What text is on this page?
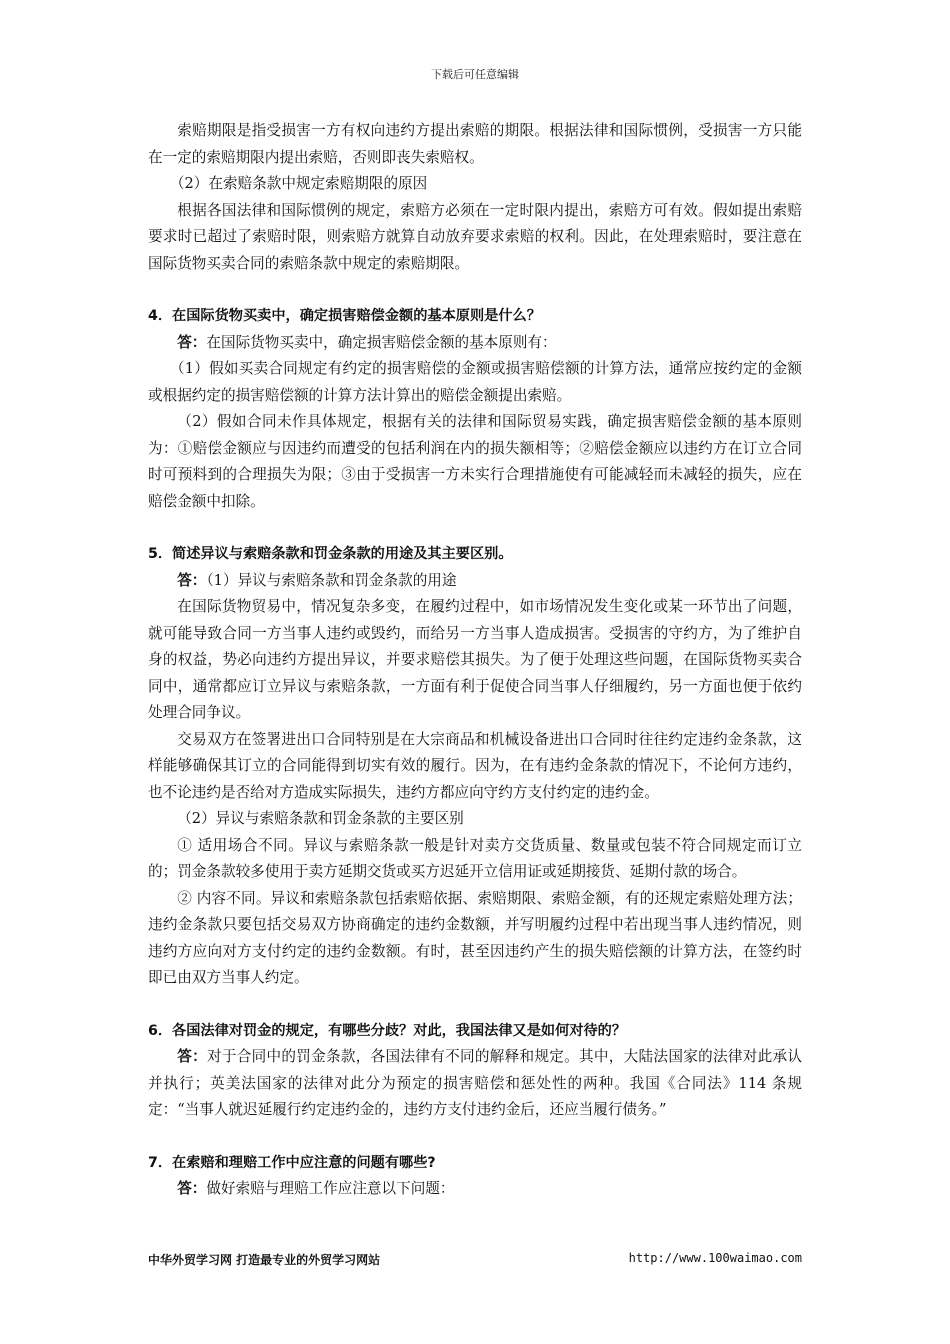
下载后可任意编辑

索赔期限是指受损害一方有权向违约方提出索赔的期限。根据法律和国际惯例，受损害一方只能在一定的索赔期限内提出索赔，否则即丧失索赔权。

（2）在索赔条款中规定索赔期限的原因

根据各国法律和国际惯例的规定，索赔方必须在一定时限内提出，索赔方可有效。假如提出索赔要求时已超过了索赔时限，则索赔方就算自动放弃要求索赔的权利。因此，在处理索赔时，要注意在国际货物买卖合同的索赔条款中规定的索赔期限。

4．在国际货物买卖中，确定损害赔偿金额的基本原则是什么？

答：在国际货物买卖中，确定损害赔偿金额的基本原则有：

（1）假如买卖合同规定有约定的损害赔偿的金额或损害赔偿额的计算方法，通常应按约定的金额或根据约定的损害赔偿额的计算方法计算出的赔偿金额提出索赔。

（2）假如合同未作具体规定，根据有关的法律和国际贸易实践，确定损害赔偿金额的基本原则为：①赔偿金额应与因违约而遭受的包括利润在内的损失额相等；②赔偿金额应以违约方在订立合同时可预料到的合理损失为限；③由于受损害一方未实行合理措施使有可能减轻而未减轻的损失，应在赔偿金额中扣除。

5．简述异议与索赔条款和罚金条款的用途及其主要区别。

答：（1）异议与索赔条款和罚金条款的用途

在国际货物贸易中，情况复杂多变，在履约过程中，如市场情况发生变化或某一环节出了问题，就可能导致合同一方当事人违约或毁约，而给另一方当事人造成损害。受损害的守约方，为了维护自身的权益，势必向违约方提出异议，并要求赔偿其损失。为了便于处理这些问题，在国际货物买卖合同中，通常都应订立异议与索赔条款，一方面有利于促使合同当事人仔细履约，另一方面也便于依约处理合同争议。

交易双方在签署进出口合同特别是在大宗商品和机械设备进出口合同时往往约定违约金条款，这样能够确保其订立的合同能得到切实有效的履行。因为，在有违约金条款的情况下，不论何方违约，也不论违约是否给对方造成实际损失，违约方都应向守约方支付约定的违约金。

（2）异议与索赔条款和罚金条款的主要区别

① 适用场合不同。异议与索赔条款一般是针对卖方交货质量、数量或包装不符合同规定而订立的；罚金条款较多使用于卖方延期交货或买方迟延开立信用证或延期接货、延期付款的场合。

② 内容不同。异议和索赔条款包括索赔依据、索赔期限、索赔金额，有的还规定索赔处理方法；违约金条款只要包括交易双方协商确定的违约金数额，并写明履约过程中若出现当事人违约情况，则违约方应向对方支付约定的违约金数额。有时，甚至因违约产生的损失赔偿额的计算方法，在签约时即已由双方当事人约定。

6．各国法律对罚金的规定，有哪些分歧？对此，我国法律又是如何对待的？

答：对于合同中的罚金条款，各国法律有不同的解释和规定。其中，大陆法国家的法律对此承认并执行；英美法国家的法律对此分为预定的损害赔偿和惩处性的两种。我国《合同法》114 条规定：“当事人就迟延履行约定违约金的，违约方支付违约金后，还应当履行债务。”

7．在索赔和理赔工作中应注意的问题有哪些?

答：做好索赔与理赔工作应注意以下问题：

中华外贸学习网 打造最专业的外贸学习网站	http://www.100waimao.com
